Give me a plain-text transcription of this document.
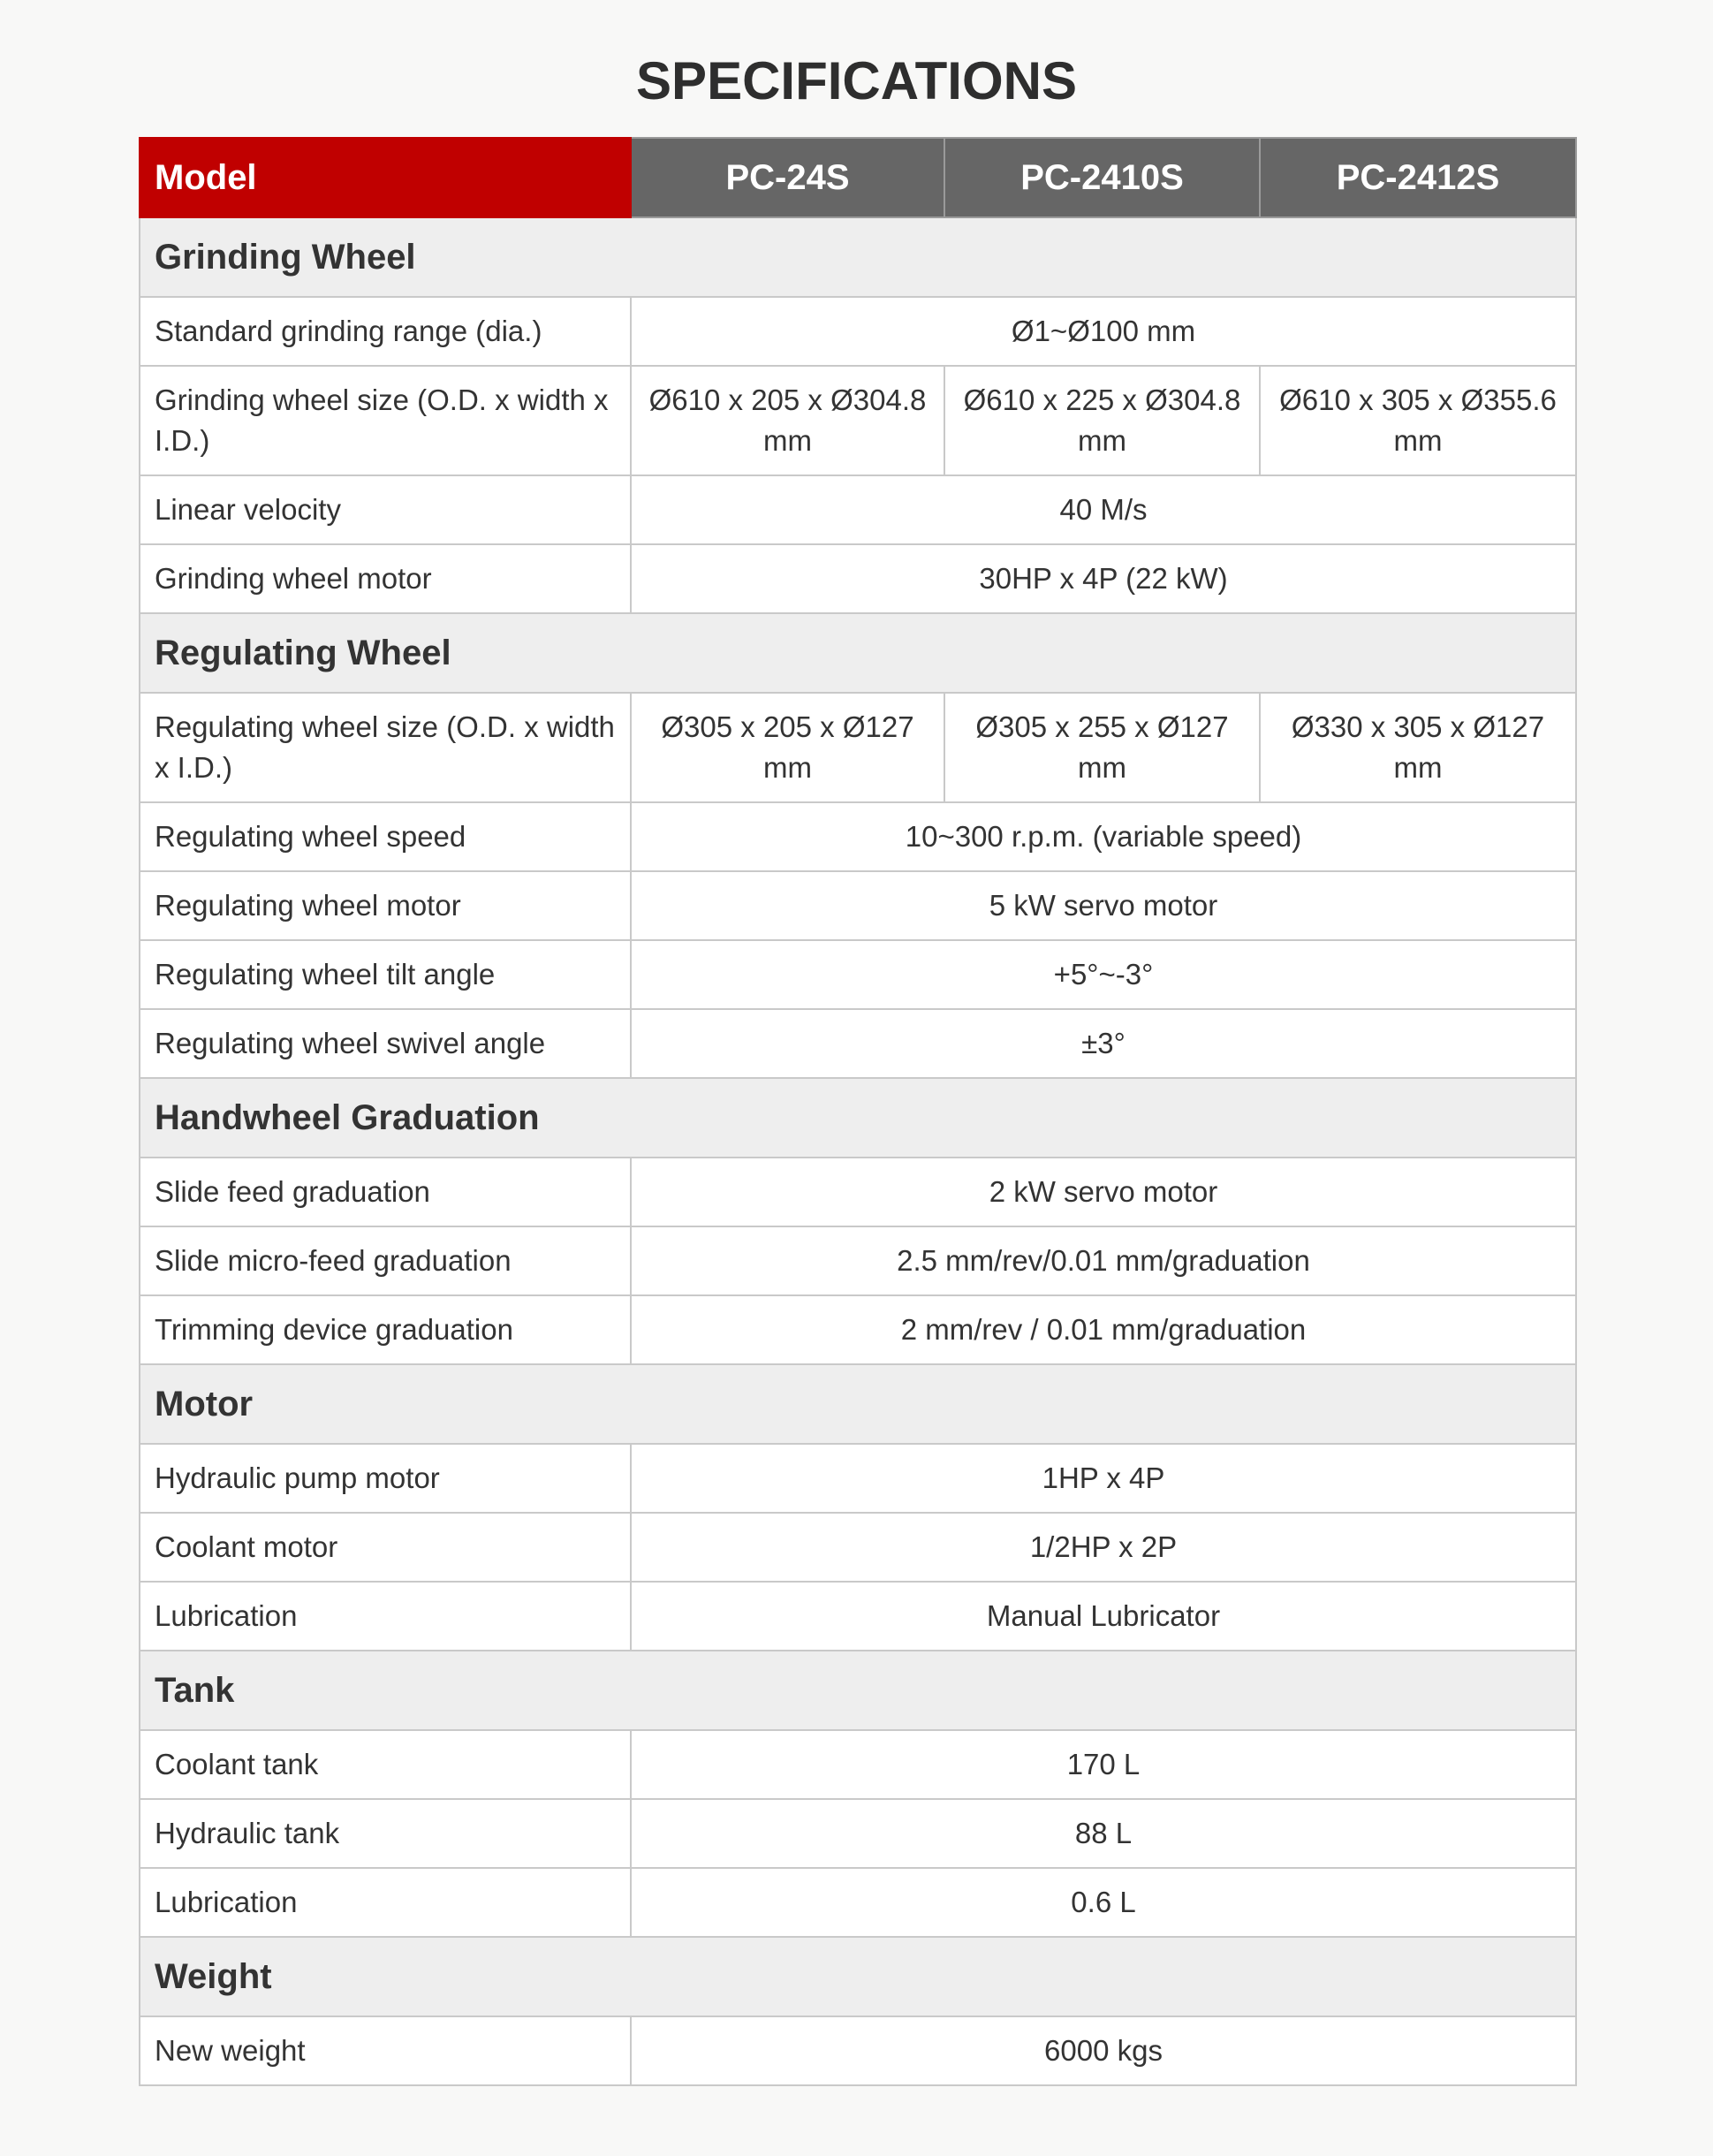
SPECIFICATIONS
Model	PC-24S	PC-2410S	PC-2412S
Grinding Wheel			
Standard grinding range (dia.)	Ø1~Ø100 mm		
Grinding wheel size (O.D. x width x I.D.)	Ø610 x 205 x Ø304.8 mm	Ø610 x 225 x Ø304.8 mm	Ø610 x 305 x Ø355.6 mm
Linear velocity	40 M/s		
Grinding wheel motor	30HP x 4P (22 kW)		
Regulating Wheel			
Regulating wheel size (O.D. x width x I.D.)	Ø305 x 205 x Ø127 mm	Ø305 x 255 x Ø127 mm	Ø330 x 305 x Ø127 mm
Regulating wheel speed	10~300 r.p.m. (variable speed)		
Regulating wheel motor	5 kW servo motor		
Regulating wheel tilt angle	+5°~-3°		
Regulating wheel swivel angle	±3°		
Handwheel Graduation			
Slide feed graduation	2 kW servo motor		
Slide micro-feed graduation	2.5 mm/rev/0.01 mm/graduation		
Trimming device graduation	2 mm/rev / 0.01 mm/graduation		
Motor			
Hydraulic pump motor	1HP x 4P		
Coolant motor	1/2HP x 2P		
Lubrication	Manual Lubricator		
Tank			
Coolant tank	170 L		
Hydraulic tank	88 L		
Lubrication	0.6 L		
Weight			
New weight	6000 kgs		
